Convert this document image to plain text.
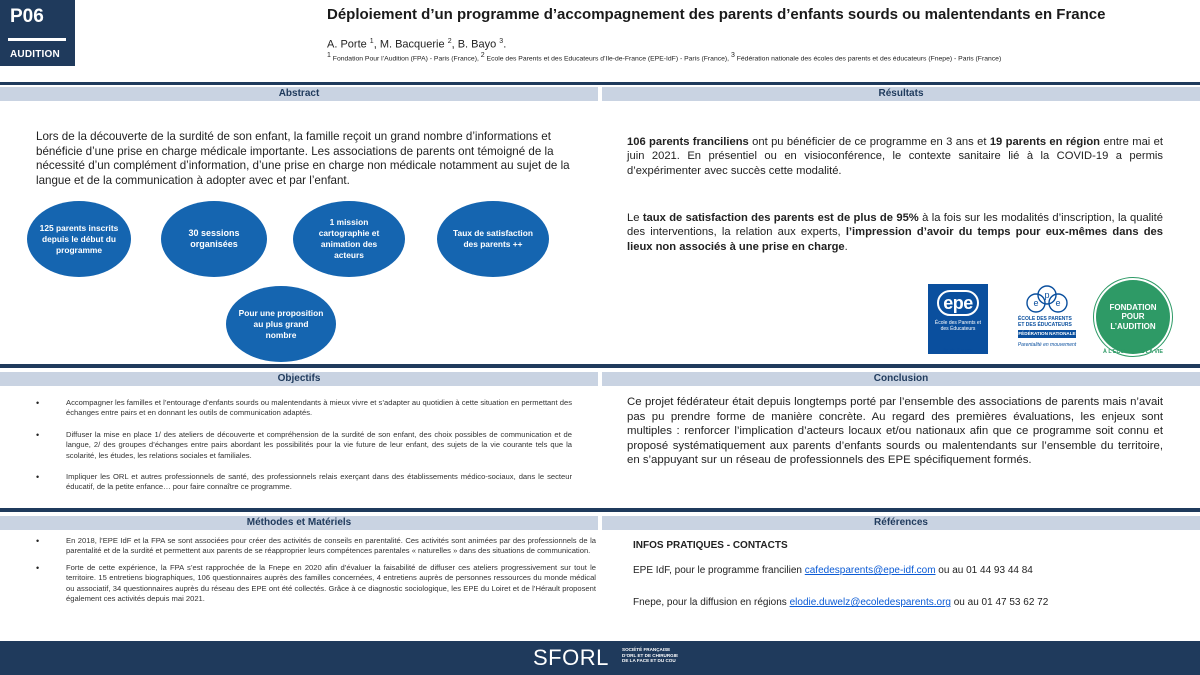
P06
AUDITION
Déploiement d’un programme d’accompagnement des parents d’enfants sourds ou malentendants en France
A. Porte $^1$, M. Bacquerie $^2$, B. Bayo $^3$.
$^1$ Fondation Pour l’Audition (FPA) - Paris (France), $^2$ Ecole des Parents et des Educateurs d’Ile-de-France (EPE-IdF) - Paris (France), $^3$ Fédération nationale des écoles des parents et des éducateurs (Fnepe) - Paris (France)
Abstract	Résultats
Lors de la découverte de la surdité de son enfant, la famille reçoit un grand nombre d’informations et bénéficie d’une prise en charge médicale importante. Les associations de parents ont témoigné de la nécessité d’un complément d’information, d’une prise en charge non médicale notamment au sujet de la langue et de la communication à adopter avec et par l’enfant.
125 parents inscrits depuis le début du programme
30 sessions organisées
1 mission cartographie et animation des acteurs
Taux de satisfaction des parents ++
Pour une proposition au plus grand nombre
106 parents franciliens ont pu bénéficier de ce programme en 3 ans et 19 parents en région entre mai et juin 2021. En présentiel ou en visioconférence, le contexte sanitaire lié à la COVID-19 a permis d’expérimenter avec succès cette modalité.
Le taux de satisfaction des parents est de plus de 95% à la fois sur les modalités d’inscription, la qualité des interventions, la relation aux experts, l’impression d’avoir du temps pour eux-mêmes dans des lieux non associés à une prise en charge.
epe
École des Parents et des Éducateurs
Ile-de-France
e
p
e
ÉCOLE DES PARENTS
ET DES ÉDUCATEURS
FÉDÉRATION NATIONALE
Parentalité en mouvement
FONDATION
POUR
L’AUDITION
À L’ÉCOUTE DE LA VIE
Objectifs	Conclusion
•	Accompagner les familles et l’entourage d’enfants sourds ou malentendants à mieux vivre et s’adapter au quotidien à cette situation en permettant des échanges entre pairs et en donnant les outils de communication adaptés.

•	Diffuser la mise en place 1/ des ateliers de découverte et compréhension de la surdité de son enfant, des choix possibles de communication et de langue, 2/ des groupes d’échanges entre pairs abordant les possibilités pour la vie future de leur enfant, des sujets de la vie courante tels que la scolarité, les études, les relations sociales et familiales.

•	Impliquer les ORL et autres professionnels de santé, des professionnels relais exerçant dans des établissements médico-sociaux, dans le secteur éducatif, de la petite enfance… pour faire connaître ce programme.

Ce projet fédérateur était depuis longtemps porté par l’ensemble des associations de parents mais n’avait pas pu prendre forme de manière concrète. Au regard des premières évaluations, les enjeux sont multiples : renforcer l’implication d’acteurs locaux et/ou nationaux afin que ce programme soit connu et proposé systématiquement aux parents d’enfants sourds ou malentendants sur l’ensemble du territoire, en s’appuyant sur un réseau de professionnels des EPE spécifiquement formés.
Méthodes et Matériels	Références
•	En 2018, l’EPE IdF et la FPA se sont associées pour créer des activités de conseils en parentalité. Ces activités sont animées par des professionnels de la parentalité et de la surdité et permettent aux parents de se réapproprier leurs compétences parentales « naturelles » dans des situations de communication.

•	Forte de cette expérience, la FPA s’est rapprochée de la Fnepe en 2020 afin d’évaluer la faisabilité de diffuser ces ateliers progressivement sur tout le territoire. 15 entretiens biographiques, 106 questionnaires auprès des familles concernées, 4 entretiens auprès de personnes ressources du monde médical ou associatif, 34 questionnaires auprès du réseau des EPE ont été collectés. Grâce à ce diagnostic sociologique, les EPE du Loiret et de l’Hérault proposent également ces activités depuis mai 2021.

INFOS PRATIQUES - CONTACTS
EPE IdF, pour le programme francilien cafedesparents@epe-idf.com ou au 01 44 93 44 84
Fnepe, pour la diffusion en régions elodie.duwelz@ecoledesparents.org ou au 01 47 53 62 72
SFORL	SOCIÉTÉ FRANÇAISE
D’ORL ET DE CHIRURGIE
DE LA FACE ET DU COU
